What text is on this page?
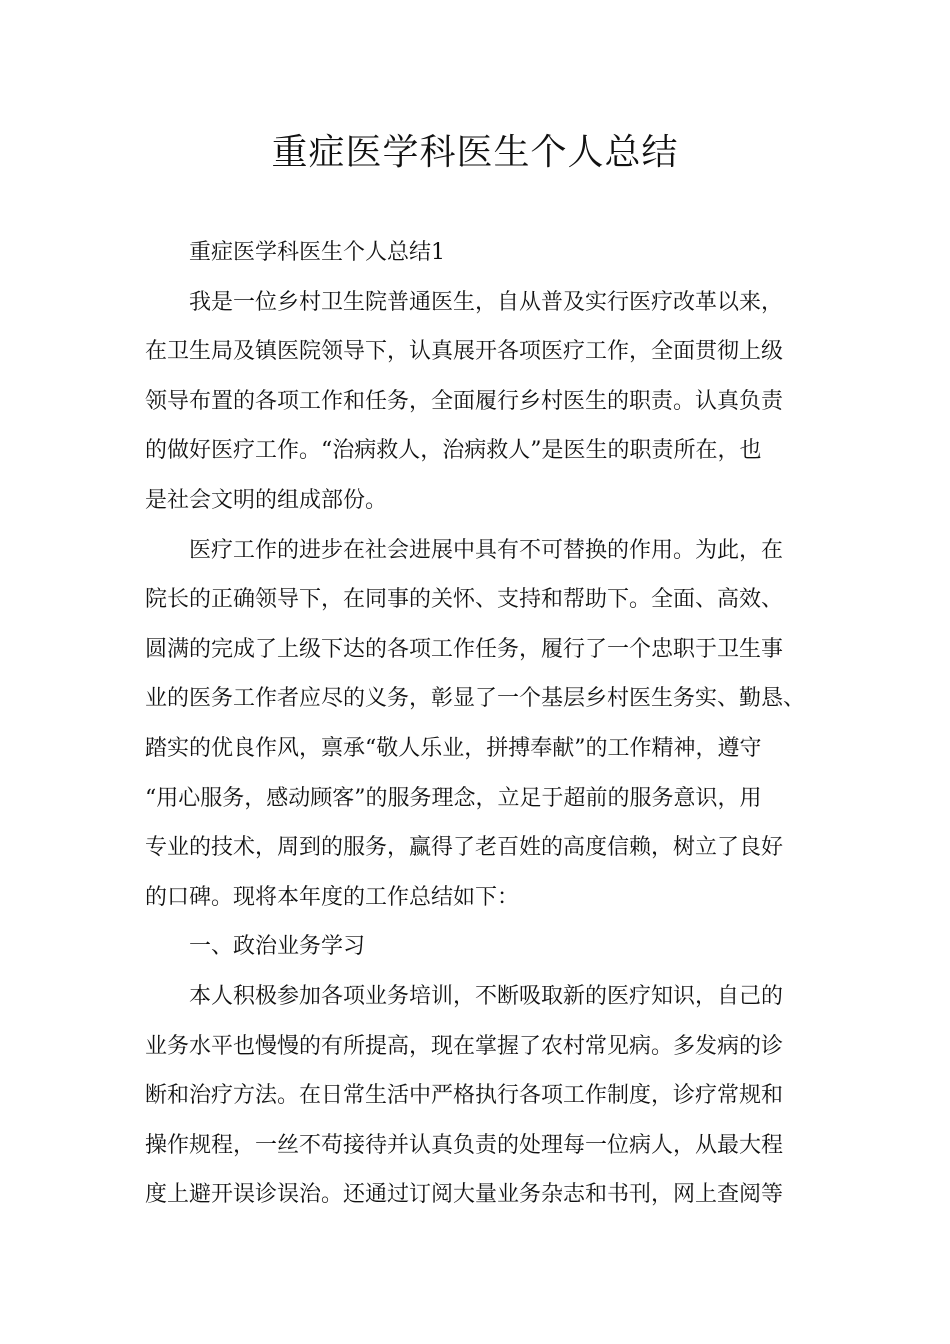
重症医学科医生个人总结
重症医学科医生个人总结1
我是一位乡村卫生院普通医生，自从普及实行医疗改革以来，
在卫生局及镇医院领导下，认真展开各项医疗工作，全面贯彻上级
领导布置的各项工作和任务，全面履行乡村医生的职责。认真负责
的做好医疗工作。“治病救人，治病救人”是医生的职责所在，也
是社会文明的组成部份。
医疗工作的进步在社会进展中具有不可替换的作用。为此，在
院长的正确领导下，在同事的关怀、支持和帮助下。全面、高效、
圆满的完成了上级下达的各项工作任务，履行了一个忠职于卫生事
业的医务工作者应尽的义务，彰显了一个基层乡村医生务实、勤恳、
踏实的优良作风，禀承“敬人乐业，拼搏奉献”的工作精神，遵守
“用心服务，感动顾客”的服务理念，立足于超前的服务意识，用
专业的技术，周到的服务，赢得了老百姓的高度信赖，树立了良好
的口碑。现将本年度的工作总结如下：
一、政治业务学习
本人积极参加各项业务培训，不断吸取新的医疗知识，自己的
业务水平也慢慢的有所提高，现在掌握了农村常见病。多发病的诊
断和治疗方法。在日常生活中严格执行各项工作制度，诊疗常规和
操作规程，一丝不苟接待并认真负责的处理每一位病人，从最大程
度上避开误诊误治。还通过订阅大量业务杂志和书刊，网上查阅等
